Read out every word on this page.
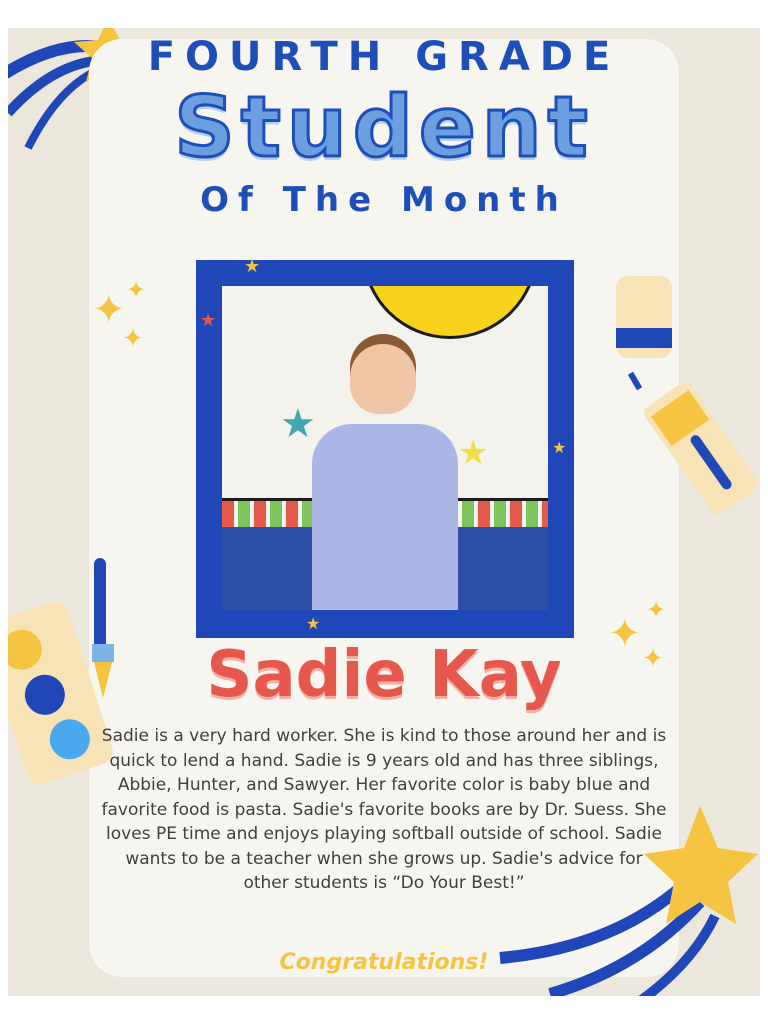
FOURTH GRADE
Student
Of The Month
✦ ✦
✦
★
★
★
★
​
★
★
✦
✦
✦
Sadie Kay
Sadie is a very hard worker. She is kind to those around her and is quick to lend a hand. Sadie is 9 years old and has three siblings, Abbie, Hunter, and Sawyer. Her favorite color is baby blue and favorite food is pasta. Sadie's favorite books are by Dr. Suess. She loves PE time and enjoys playing softball outside of school. Sadie wants to be a teacher when she grows up. Sadie's advice for other students is “Do Your Best!”
Congratulations!
